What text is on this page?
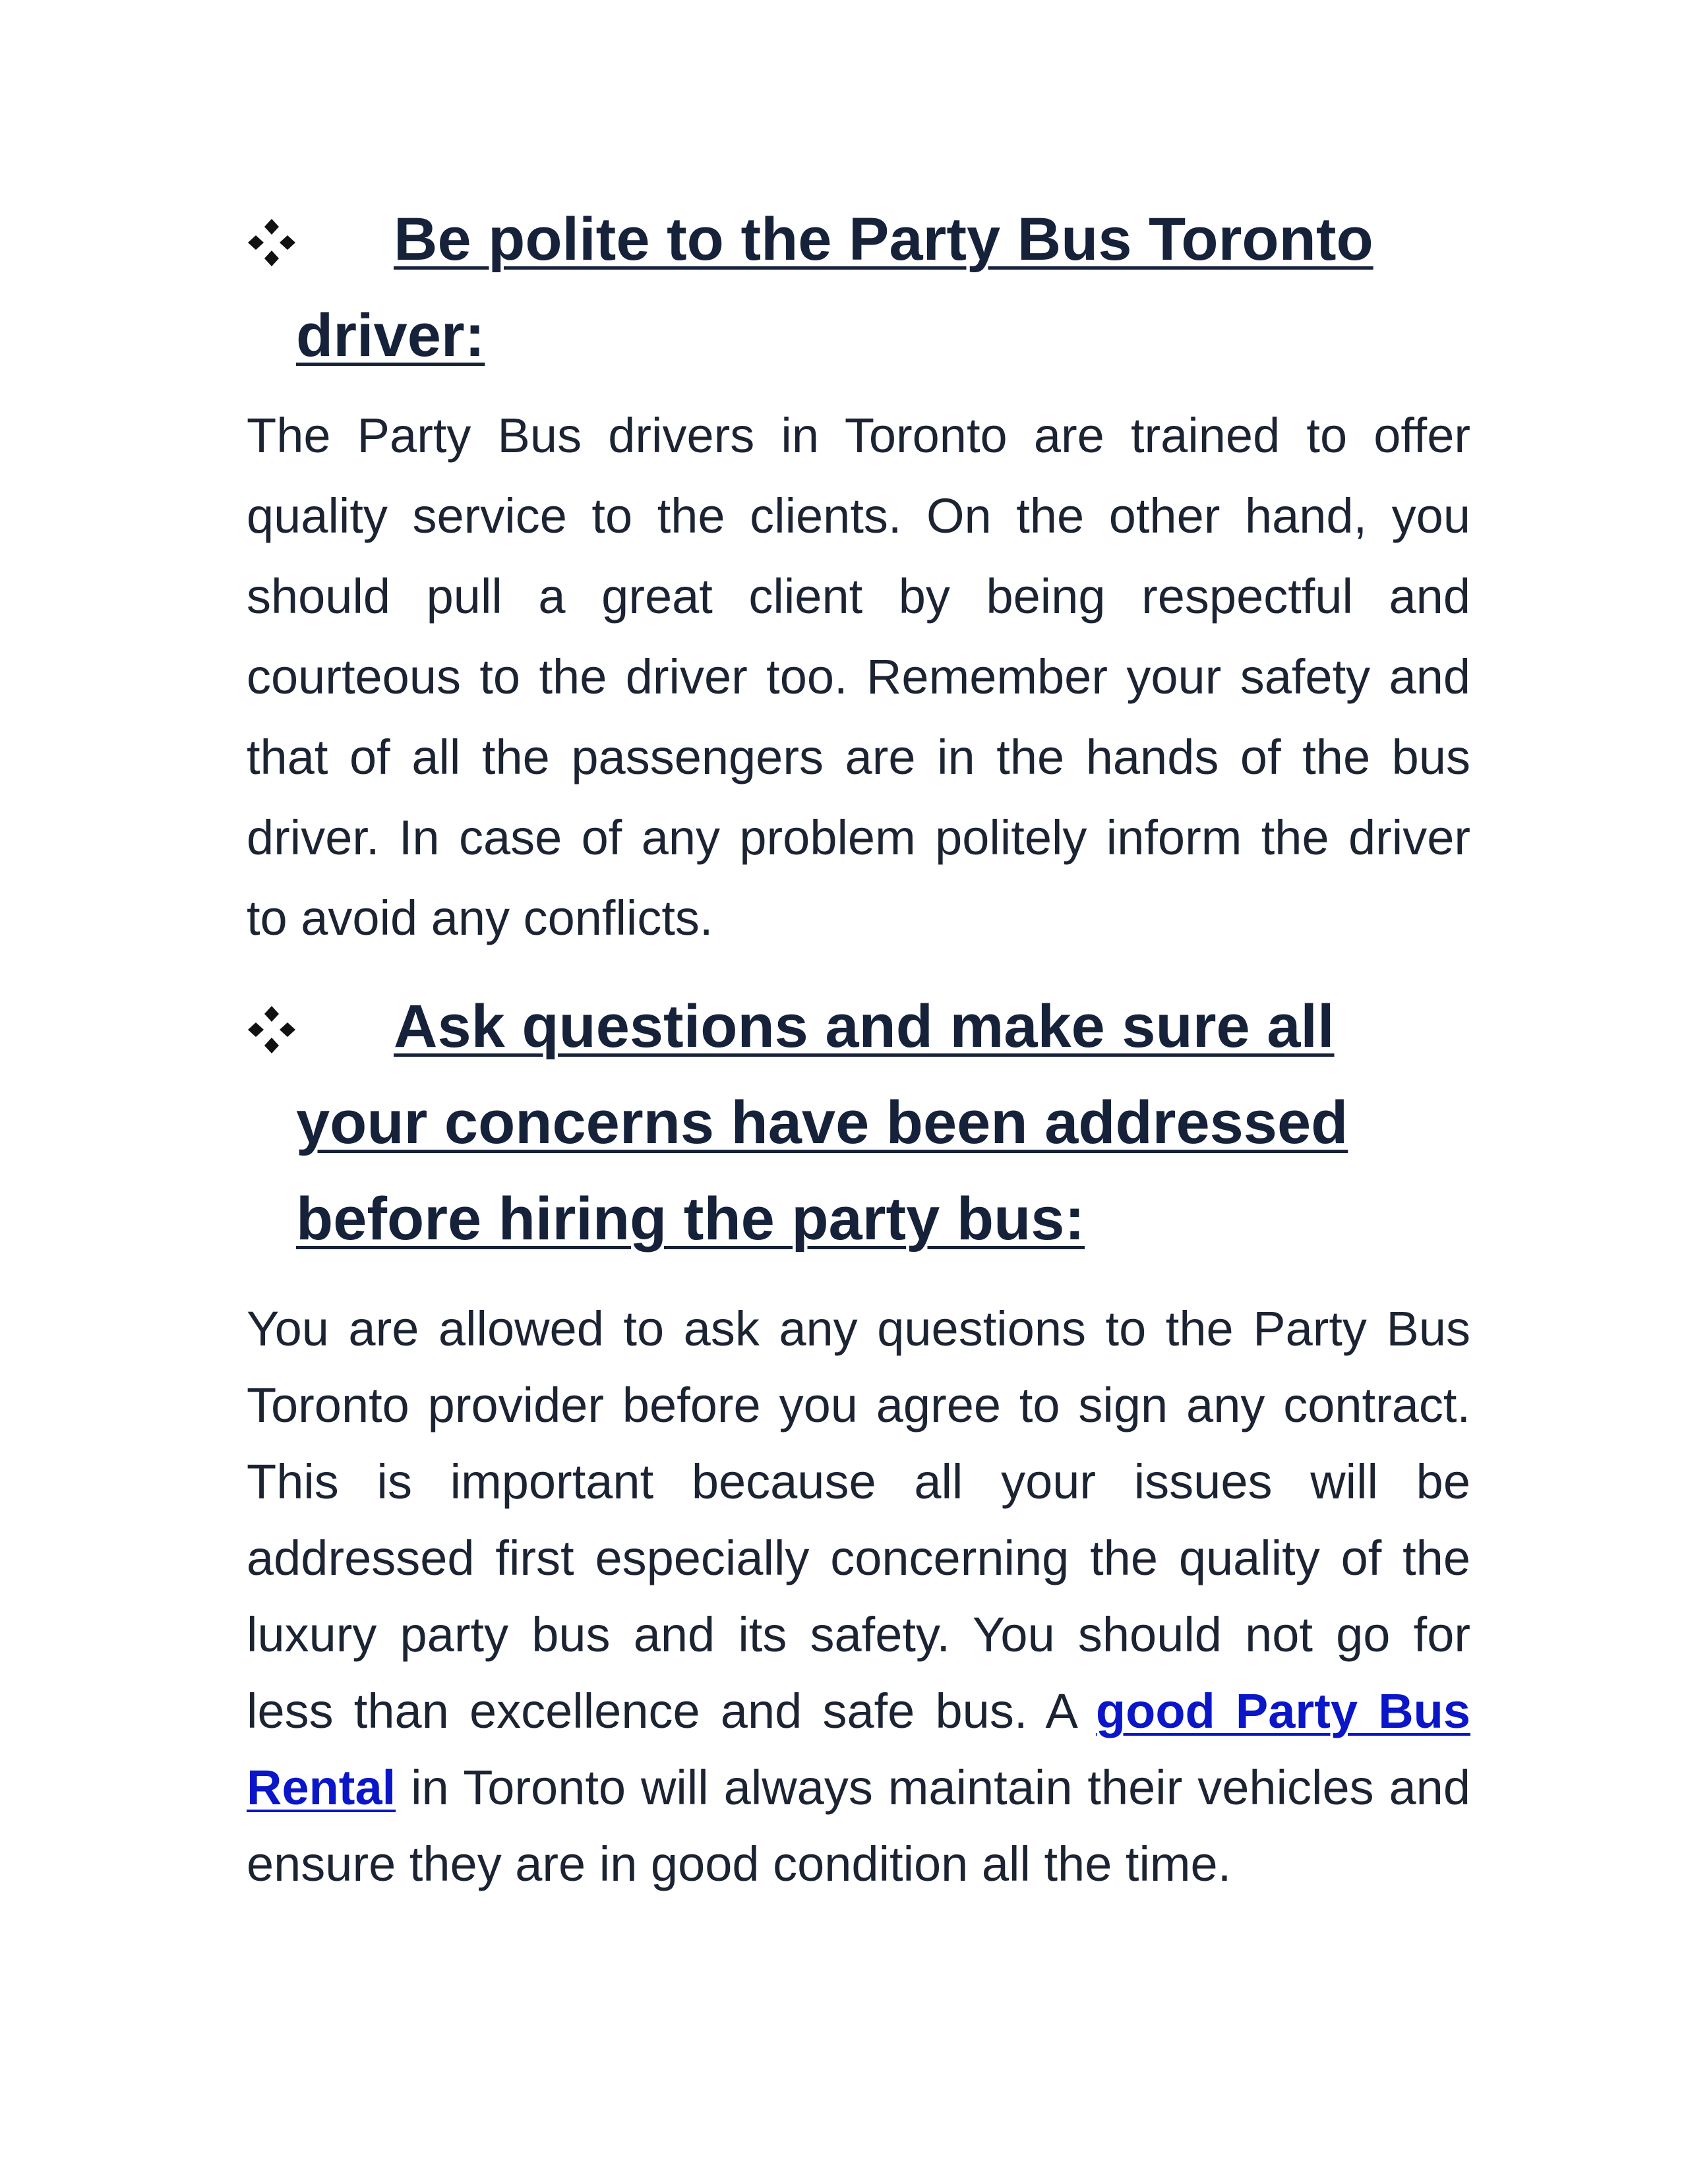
Be polite to the Party Bus Toronto driver:

The Party Bus drivers in Toronto are trained to offer quality service to the clients. On the other hand, you should pull a great client by being respectful and courteous to the driver too. Remember your safety and that of all the passengers are in the hands of the bus driver. In case of any problem politely inform the driver to avoid any conflicts.

Ask questions and make sure all your concerns have been addressed before hiring the party bus:

You are allowed to ask any questions to the Party Bus Toronto provider before you agree to sign any contract. This is important because all your issues will be addressed first especially concerning the quality of the luxury party bus and its safety. You should not go for less than excellence and safe bus. A good Party Bus Rental in Toronto will always maintain their vehicles and ensure they are in good condition all the time.
